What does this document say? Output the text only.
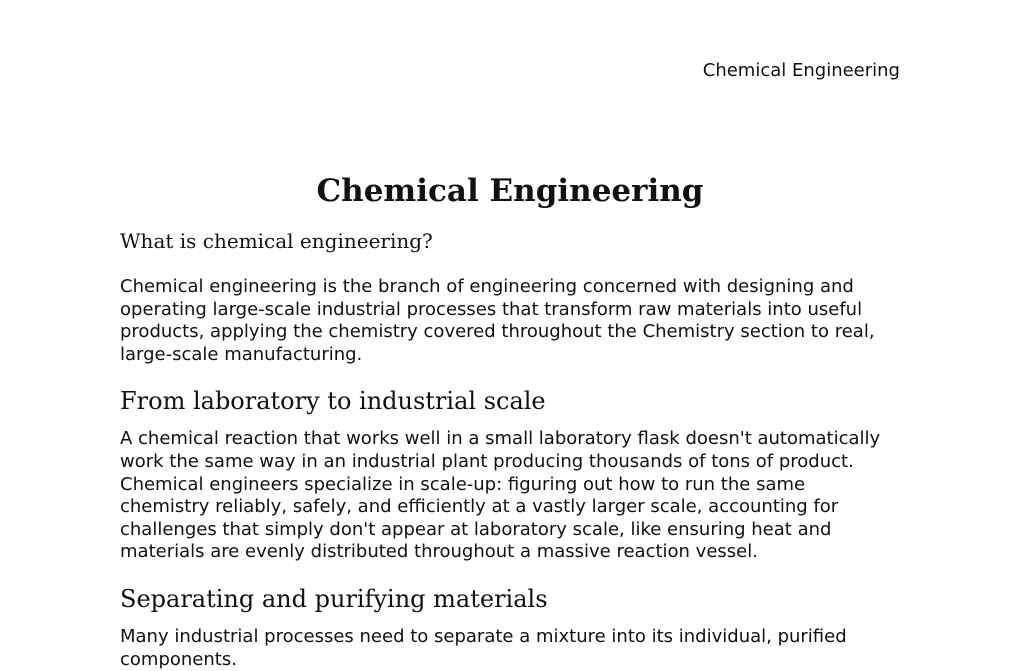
Chemical Engineering
Chemical Engineering
What is chemical engineering?

Chemical engineering is the branch of engineering concerned with designing and operating large-scale industrial processes that transform raw materials into useful products, applying the chemistry covered throughout the Chemistry section to real, large-scale manufacturing.

From laboratory to industrial scale

A chemical reaction that works well in a small laboratory flask doesn't automatically work the same way in an industrial plant producing thousands of tons of product. Chemical engineers specialize in scale-up: figuring out how to run the same chemistry reliably, safely, and efficiently at a vastly larger scale, accounting for challenges that simply don't appear at laboratory scale, like ensuring heat and materials are evenly distributed throughout a massive reaction vessel.

Separating and purifying materials

Many industrial processes need to separate a mixture into its individual, purified components.
